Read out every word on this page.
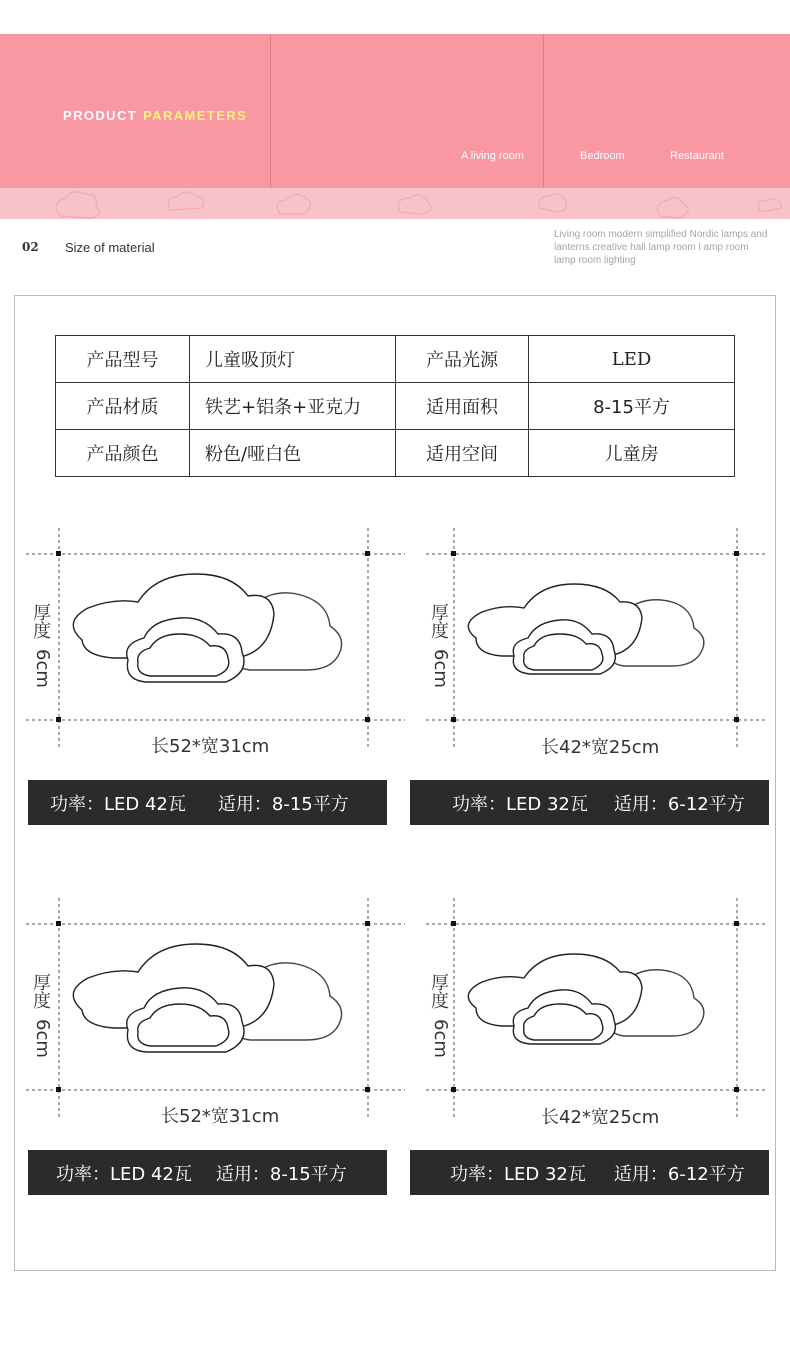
PRODUCT PARAMETERS
A living room	Bedroom	Restaurant
02 Size of material
Living room modern simplified Nordic lamps and lanterns creative hall lamp room l amp room lamp room lighting
产品型号	儿童吸顶灯	产品光源	LED
产品材质	铁艺+铝条+亚克力	适用面积	8-15平方
产品颜色	粉色/哑白色	适用空间	儿童房
厚度
6cm
长52*宽31cm
功率：LED 42瓦 适用：8-15平方
厚度
6cm
长42*宽25cm
功率：LED 32瓦 适用：6-12平方
厚度
6cm
长52*宽31cm
功率：LED 42瓦 适用：8-15平方
厚度
6cm
长42*宽25cm
功率：LED 32瓦 适用：6-12平方
